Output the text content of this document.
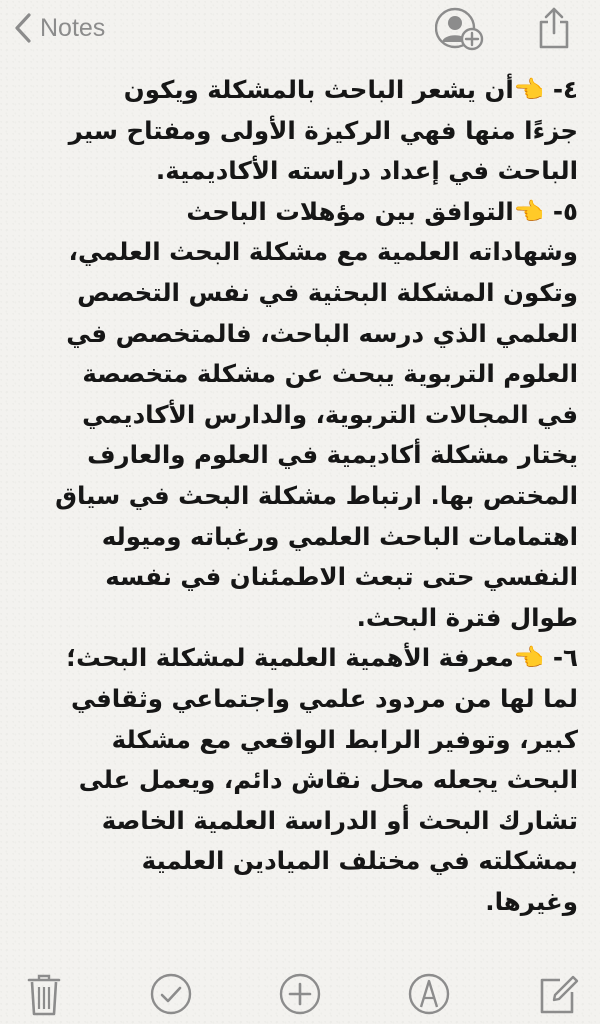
Notes
٤- 👈أن يشعر الباحث بالمشكلة ويكون
جزءًا منها فهي الركيزة الأولى ومفتاح سير
الباحث في إعداد دراسته الأكاديمية.
٥- 👈التوافق بين مؤهلات الباحث
وشهاداته العلمية مع مشكلة البحث العلمي،
وتكون المشكلة البحثية في نفس التخصص
العلمي الذي درسه الباحث، فالمتخصص في
العلوم التربوية يبحث عن مشكلة متخصصة
في المجالات التربوية، والدارس الأكاديمي
يختار مشكلة أكاديمية في العلوم والعارف
المختص بها. ارتباط مشكلة البحث في سياق
اهتمامات الباحث العلمي ورغباته وميوله
النفسي حتى تبعث الاطمئنان في نفسه
طوال فترة البحث.
٦- 👈معرفة الأهمية العلمية لمشكلة البحث؛
لما لها من مردود علمي واجتماعي وثقافي
كبير، وتوفير الرابط الواقعي مع مشكلة
البحث يجعله محل نقاش دائم، ويعمل على
تشارك البحث أو الدراسة العلمية الخاصة
بمشكلته في مختلف الميادين العلمية
وغيرها.
